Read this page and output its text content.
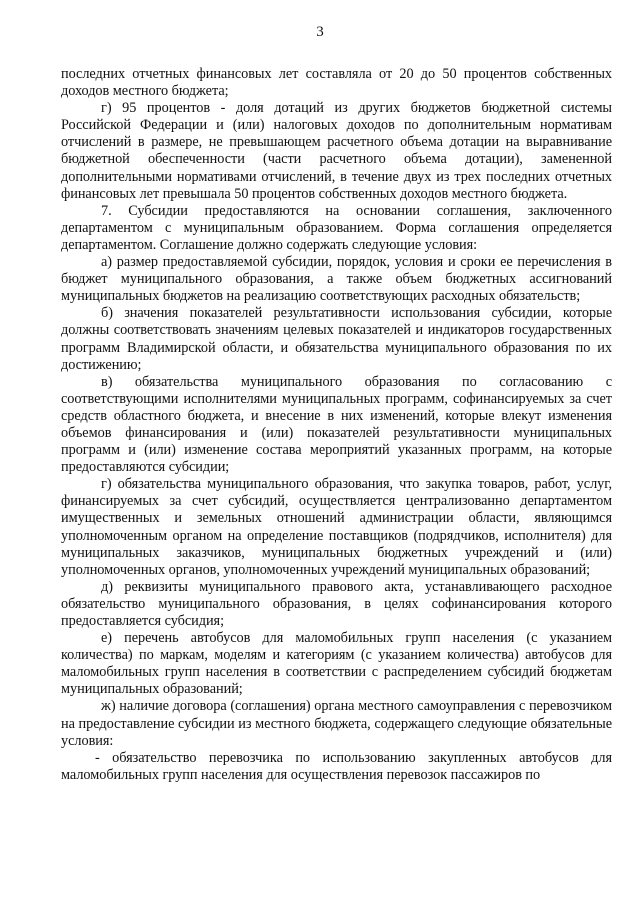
3

последних отчетных финансовых лет составляла от 20 до 50 процентов собственных доходов местного бюджета;

г) 95 процентов - доля дотаций из других бюджетов бюджетной системы Российской Федерации и (или) налоговых доходов по дополнительным нормативам отчислений в размере, не превышающем расчетного объема дотации на выравнивание бюджетной обеспеченности (части расчетного объема дотации), замененной дополнительными нормативами отчислений, в течение двух из трех последних отчетных финансовых лет превышала 50 процентов собственных доходов местного бюджета.

7. Субсидии предоставляются на основании соглашения, заключенного департаментом с муниципальным образованием. Форма соглашения определяется департаментом. Соглашение должно содержать следующие условия:

а) размер предоставляемой субсидии, порядок, условия и сроки ее перечисления в бюджет муниципального образования, а также объем бюджетных ассигнований муниципальных бюджетов на реализацию соответствующих расходных обязательств;

б) значения показателей результативности использования субсидии, которые должны соответствовать значениям целевых показателей и индикаторов государственных программ Владимирской области, и обязательства муниципального образования по их достижению;

в) обязательства муниципального образования по согласованию с соответствующими исполнителями муниципальных программ, софинансируемых за счет средств областного бюджета, и внесение в них изменений, которые влекут изменения объемов финансирования и (или) показателей результативности муниципальных программ и (или) изменение состава мероприятий указанных программ, на которые предоставляются субсидии;

г) обязательства муниципального образования, что закупка товаров, работ, услуг, финансируемых за счет субсидий, осуществляется централизованно департаментом имущественных и земельных отношений администрации области, являющимся уполномоченным органом на определение поставщиков (подрядчиков, исполнителя) для муниципальных заказчиков, муниципальных бюджетных учреждений и (или) уполномоченных органов, уполномоченных учреждений муниципальных образований;

д) реквизиты муниципального правового акта, устанавливающего расходное обязательство муниципального образования, в целях софинансирования которого предоставляется субсидия;

е) перечень автобусов для маломобильных групп населения (с указанием количества) по маркам, моделям и категориям (с указанием количества) автобусов для маломобильных групп населения в соответствии с распределением субсидий бюджетам муниципальных образований;

ж) наличие договора (соглашения) органа местного самоуправления с перевозчиком на предоставление субсидии из местного бюджета, содержащего следующие обязательные условия:

- обязательство перевозчика по использованию закупленных автобусов для маломобильных групп населения для осуществления перевозок пассажиров по
